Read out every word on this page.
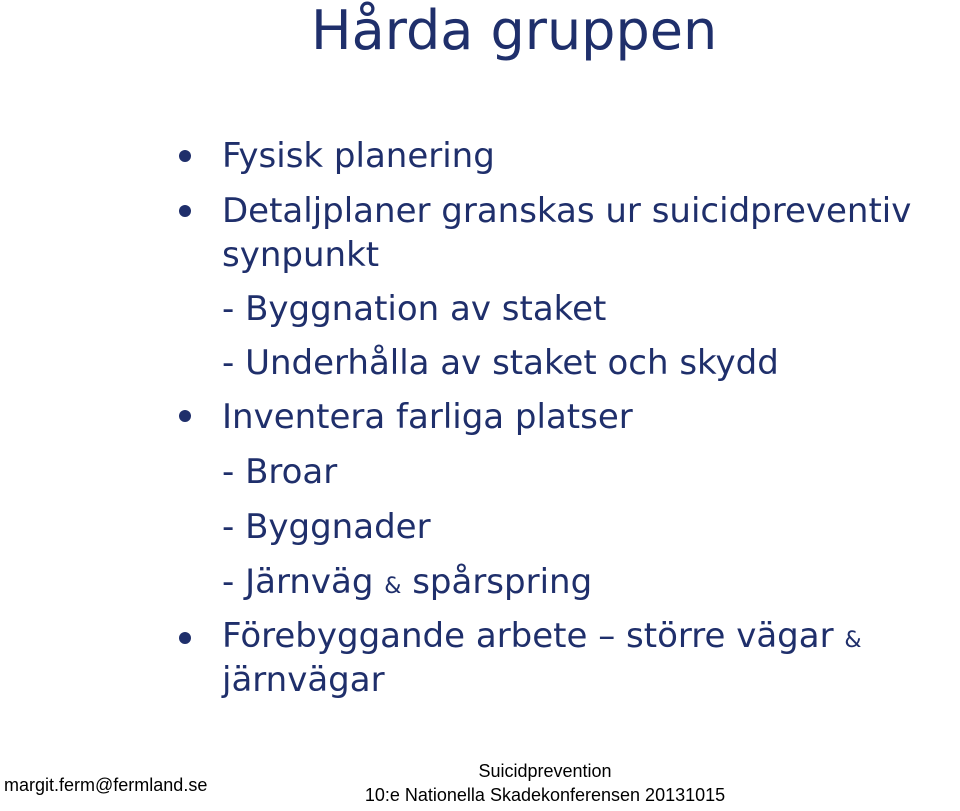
Hårda gruppen
Fysisk planering
Detaljplaner granskas ur suicidpreventiv
synpunkt
- Byggnation av staket
- Underhålla av staket och skydd
Inventera farliga platser
- Broar
- Byggnader
- Järnväg & spårspring
Förebyggande arbete – större vägar &
järnvägar
margit.ferm@fermland.se
Suicidprevention
10:e Nationella Skadekonferensen 20131015
